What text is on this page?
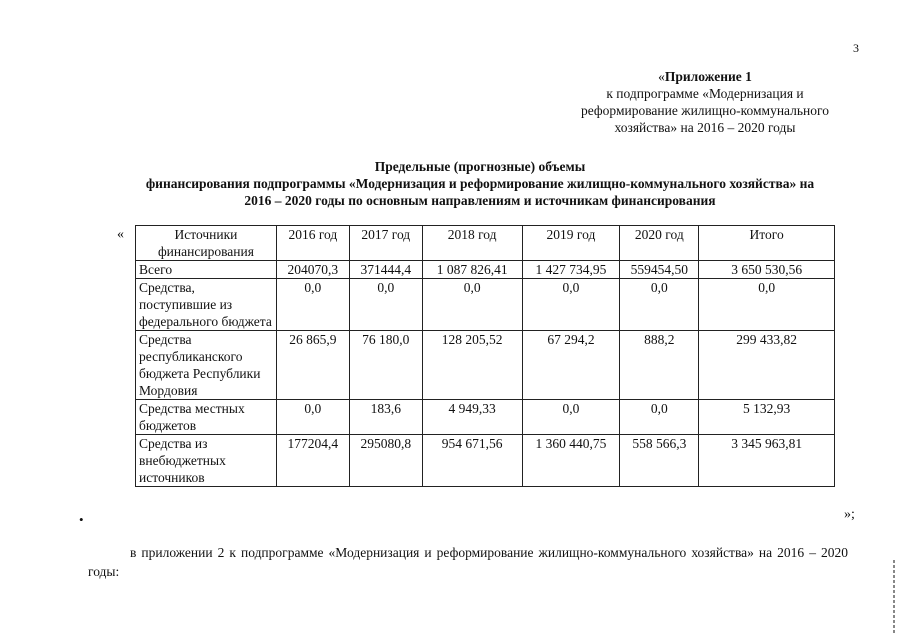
3
«Приложение 1
к подпрограмме «Модернизация и
реформирование жилищно-коммунального
хозяйства» на 2016 – 2020 годы
Предельные (прогнозные) объемы
финансирования подпрограммы «Модернизация и реформирование жилищно-коммунального хозяйства» на
2016 – 2020 годы по основным направлениям и источникам финансирования
«	Источники финансирования	2016 год	2017 год	2018 год	2019 год	2020 год	Итого
Всего	204070,3	371444,4	1 087 826,41	1 427 734,95	559454,50	3 650 530,56
Средства, поступившие из федерального бюджета	0,0	0,0	0,0	0,0	0,0	0,0
Средства республиканского бюджета Республики Мордовия	26 865,9	76 180,0	128 205,52	67 294,2	888,2	299 433,82
Средства местных бюджетов	0,0	183,6	4 949,33	0,0	0,0	5 132,93
Средства из внебюджетных источников	177204,4	295080,8	954 671,56	1 360 440,75	558 566,3	3 345 963,81
»;
•
в приложении 2 к подпрограмме «Модернизация и реформирование жилищно-коммунального хозяйства» на 2016 – 2020 годы:
